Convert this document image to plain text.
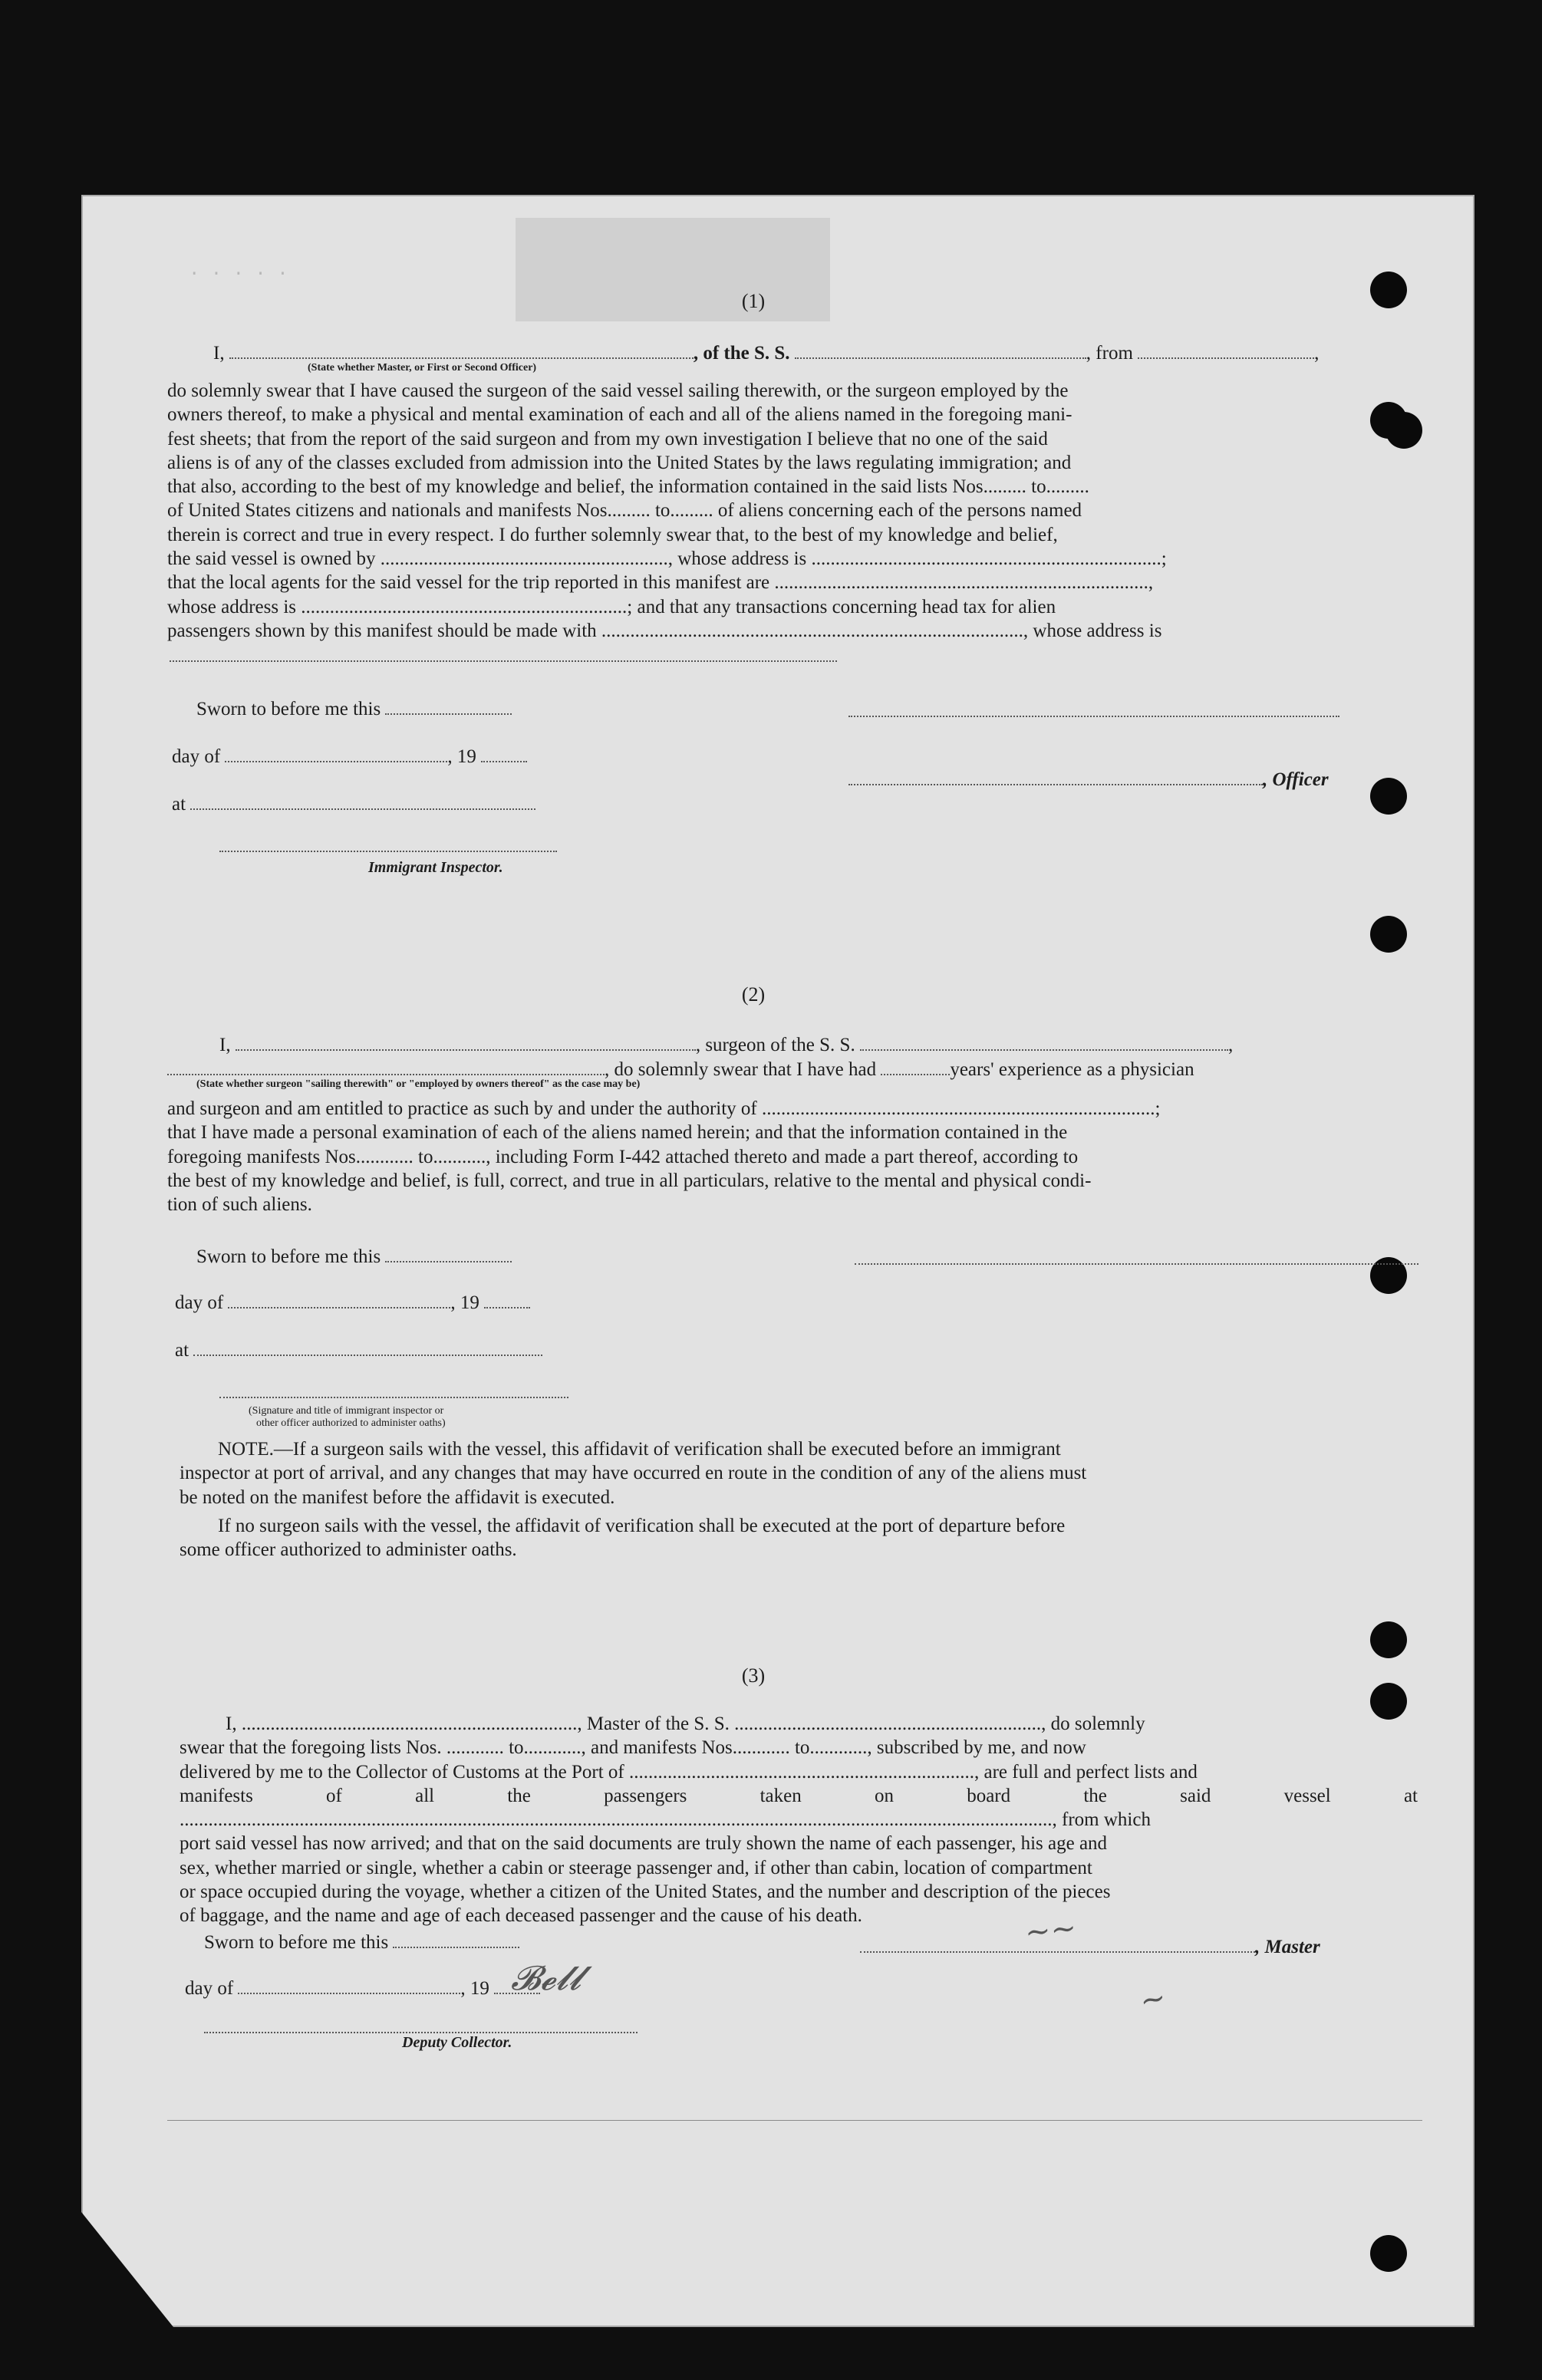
· · · · ·
(1)
I,	, of the S. S.	, from	,
(State whether Master, or First or Second Officer)
do solemnly swear that I have caused the surgeon of the said vessel sailing therewith, or the surgeon employed by the
owners thereof, to make a physical and mental examination of each and all of the aliens named in the foregoing mani-
fest sheets; that from the report of the said surgeon and from my own investigation I believe that no one of the said
aliens is of any of the classes excluded from admission into the United States by the laws regulating immigration; and
that also, according to the best of my knowledge and belief, the information contained in the said lists Nos......... to.........
of United States citizens and nationals and manifests Nos......... to......... of aliens concerning each of the persons named
therein is correct and true in every respect. I do further solemnly swear that, to the best of my knowledge and belief,
the said vessel is owned by ............................................................, whose address is .........................................................................;
that the local agents for the said vessel for the trip reported in this manifest are ..............................................................................,
whose address is ....................................................................; and that any transactions concerning head tax for alien
passengers shown by this manifest should be made with ........................................................................................, whose address is
Sworn to before me this
day of	, 19
, Officer
at
Immigrant Inspector.
(2)
I,	, surgeon of the S. S.	,
, do solemnly swear that I have had	years' experience as a physician
(State whether surgeon "sailing therewith" or "employed by owners thereof" as the case may be)
and surgeon and am entitled to practice as such by and under the authority of ..................................................................................;
that I have made a personal examination of each of the aliens named herein; and that the information contained in the
foregoing manifests Nos............ to..........., including Form I-442 attached thereto and made a part thereof, according to
the best of my knowledge and belief, is full, correct, and true in all particulars, relative to the mental and physical condi-
tion of such aliens.
Sworn to before me this
day of	, 19
at
(Signature and title of immigrant inspector or
other officer authorized to administer oaths)
NOTE.—If a surgeon sails with the vessel, this affidavit of verification shall be executed before an immigrant
inspector at port of arrival, and any changes that may have occurred en route in the condition of any of the aliens must
be noted on the manifest before the affidavit is executed.
If no surgeon sails with the vessel, the affidavit of verification shall be executed at the port of departure before
some officer authorized to administer oaths.
(3)
I, ......................................................................, Master of the S. S. ................................................................, do solemnly
swear that the foregoing lists Nos. ............ to............, and manifests Nos............ to............, subscribed by me, and now
delivered by me to the Collector of Customs at the Port of ........................................................................, are full and perfect lists and
manifests of all the passengers taken on board the said vessel at ......................................................................................................................................................................................, from which
port said vessel has now arrived; and that on the said documents are truly shown the name of each passenger, his age and
sex, whether married or single, whether a cabin or steerage passenger and, if other than cabin, location of compartment
or space occupied during the voyage, whether a citizen of the United States, and the number and description of the pieces
of baggage, and the name and age of each deceased passenger and the cause of his death.
Sworn to before me this	, Master
day of	, 19 𝓑𝓮𝓵𝓵
Deputy Collector.
~~
~
